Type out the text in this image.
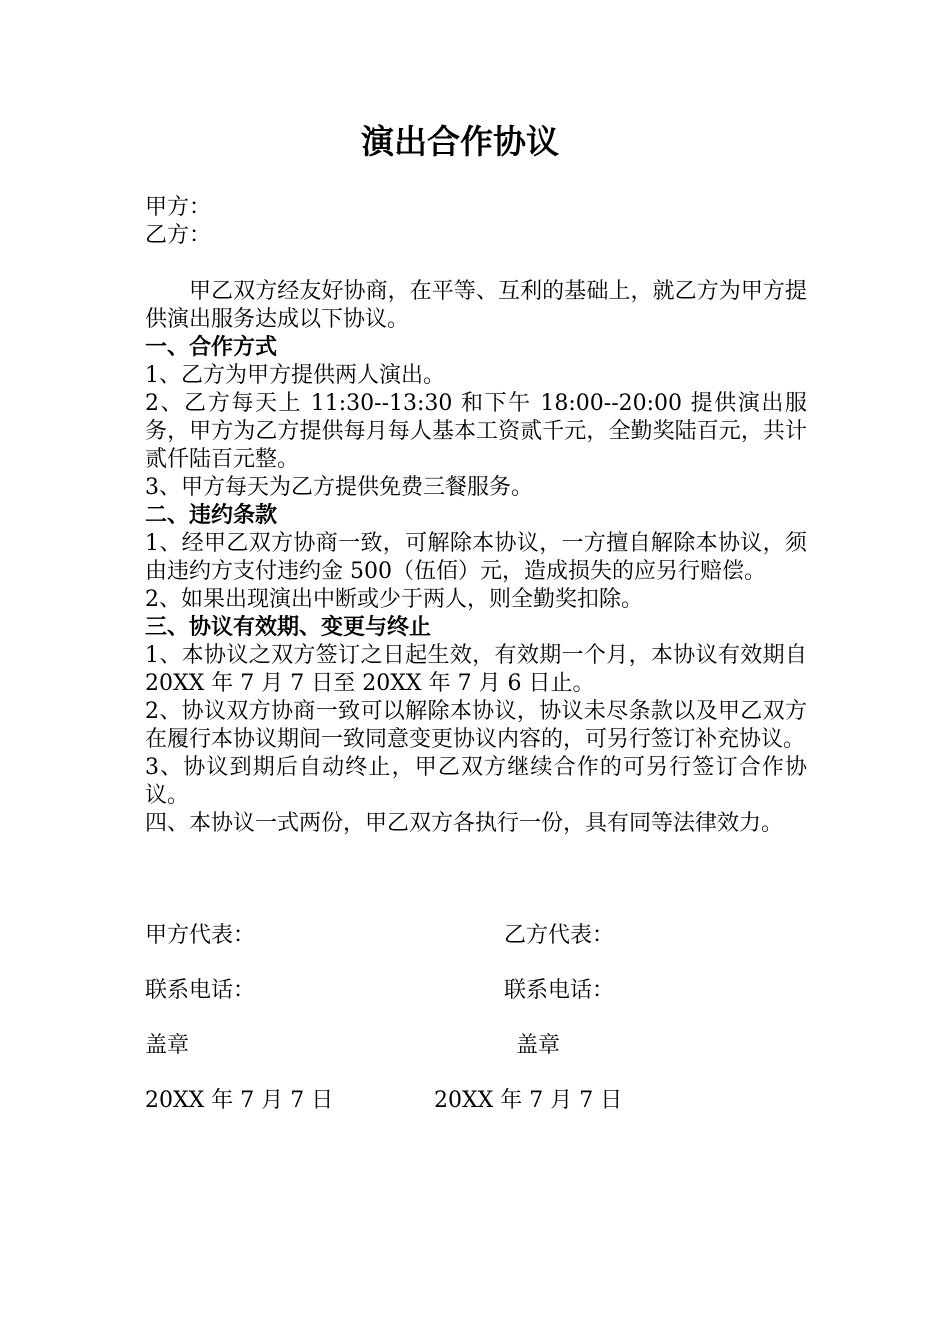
演出合作协议

甲方：

乙方：

甲乙双方经友好协商，在平等、互利的基础上，就乙方为甲方提供演出服务达成以下协议。

一、合作方式

1、乙方为甲方提供两人演出。

2、乙方每天上 11:30--13:30 和下午 18:00--20:00 提供演出服务，甲方为乙方提供每月每人基本工资贰千元，全勤奖陆百元，共计贰仟陆百元整。

3、甲方每天为乙方提供免费三餐服务。

二、违约条款

1、经甲乙双方协商一致，可解除本协议，一方擅自解除本协议，须由违约方支付违约金 500（伍佰）元，造成损失的应另行赔偿。

2、如果出现演出中断或少于两人，则全勤奖扣除。

三、协议有效期、变更与终止

1、本协议之双方签订之日起生效，有效期一个月，本协议有效期自 20XX 年 7 月 7 日至 20XX 年 7 月 6 日止。

2、协议双方协商一致可以解除本协议，协议未尽条款以及甲乙双方在履行本协议期间一致同意变更协议内容的，可另行签订补充协议。

3、协议到期后自动终止，甲乙双方继续合作的可另行签订合作协议。

四、本协议一式两份，甲乙双方各执行一份，具有同等法律效力。

甲方代表：	乙方代表：
联系电话：	联系电话：
盖章	盖章
20XX 年 7 月 7 日	20XX 年 7 月 7 日
